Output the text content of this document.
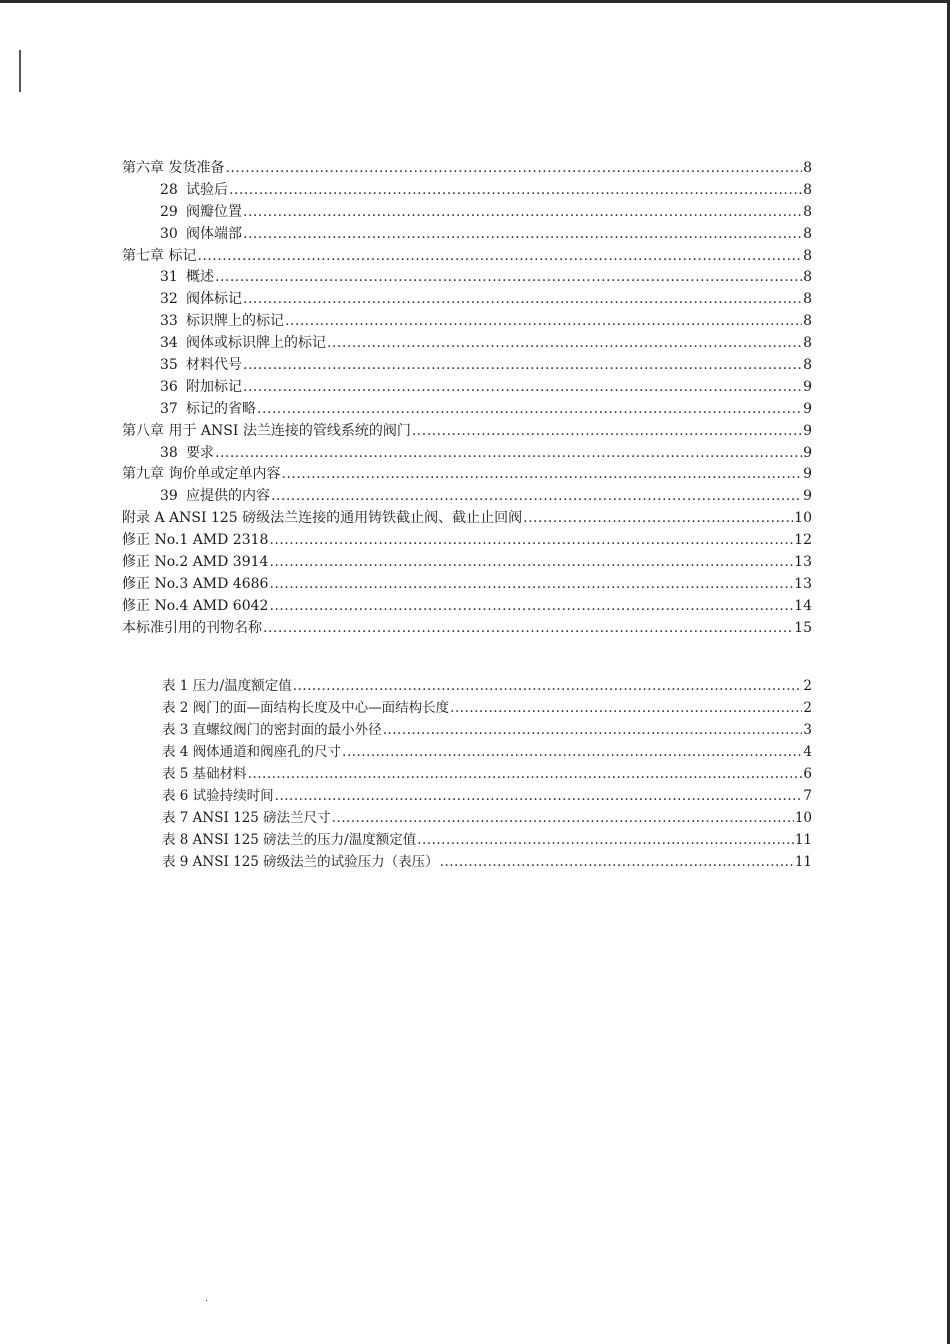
·
第六章 发货准备 .....	8
28 试验后 .....	8
29 阀瓣位置 .....	8
30 阀体端部 .....	8
第七章 标记 .....	8
31 概述 .....	8
32 阀体标记 .....	8
33 标识牌上的标记 .....	8
34 阀体或标识牌上的标记 .....	8
35 材料代号 .....	8
36 附加标记 .....	9
37 标记的省略 .....	9
第八章 用于 ANSI 法兰连接的管线系统的阀门 .....	9
38 要求 .....	9
第九章 询价单或定单内容 .....	9
39 应提供的内容 .....	9
附录 A ANSI 125 磅级法兰连接的通用铸铁截止阀、截止止回阀 .....	10
修正 No.1 AMD 2318 .....	12
修正 No.2 AMD 3914 .....	13
修正 No.3 AMD 4686 .....	13
修正 No.4 AMD 6042 .....	14
本标准引用的刊物名称 .....	15
表 1 压力/温度额定值 .....	2
表 2 阀门的面—面结构长度及中心—面结构长度 .....	2
表 3 直螺纹阀门的密封面的最小外径 .....	3
表 4 阀体通道和阀座孔的尺寸 .....	4
表 5 基础材料 .....	6
表 6 试验持续时间 .....	7
表 7 ANSI 125 磅法兰尺寸 .....	10
表 8 ANSI 125 磅法兰的压力/温度额定值 .....	11
表 9 ANSI 125 磅级法兰的试验压力（表压） .....	11
